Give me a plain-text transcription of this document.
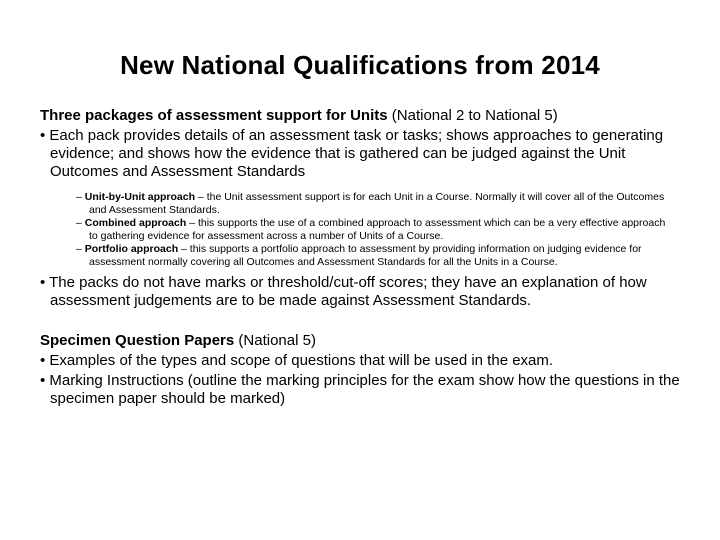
New National Qualifications from 2014

Three packages of assessment support for Units (National 2 to National 5)

• Each pack provides details of an assessment task or tasks; shows approaches to generating evidence; and shows how the evidence that is gathered can be judged against the Unit Outcomes and Assessment Standards

– Unit-by-Unit approach – the Unit assessment support is for each Unit in a Course. Normally it will cover all of the Outcomes and Assessment Standards.

– Combined approach – this supports the use of a combined approach to assessment which can be a very effective approach to gathering evidence for assessment across a number of Units of a Course.

– Portfolio approach – this supports a portfolio approach to assessment by providing information on judging evidence for assessment normally covering all Outcomes and Assessment Standards for all the Units in a Course.

• The packs do not have marks or threshold/cut-off scores; they have an explanation of how assessment judgements are to be made against Assessment Standards.

Specimen Question Papers (National 5)

• Examples of the types and scope of questions that will be used in the exam.

• Marking Instructions (outline the marking principles for the exam show how the questions in the specimen paper should be marked)
